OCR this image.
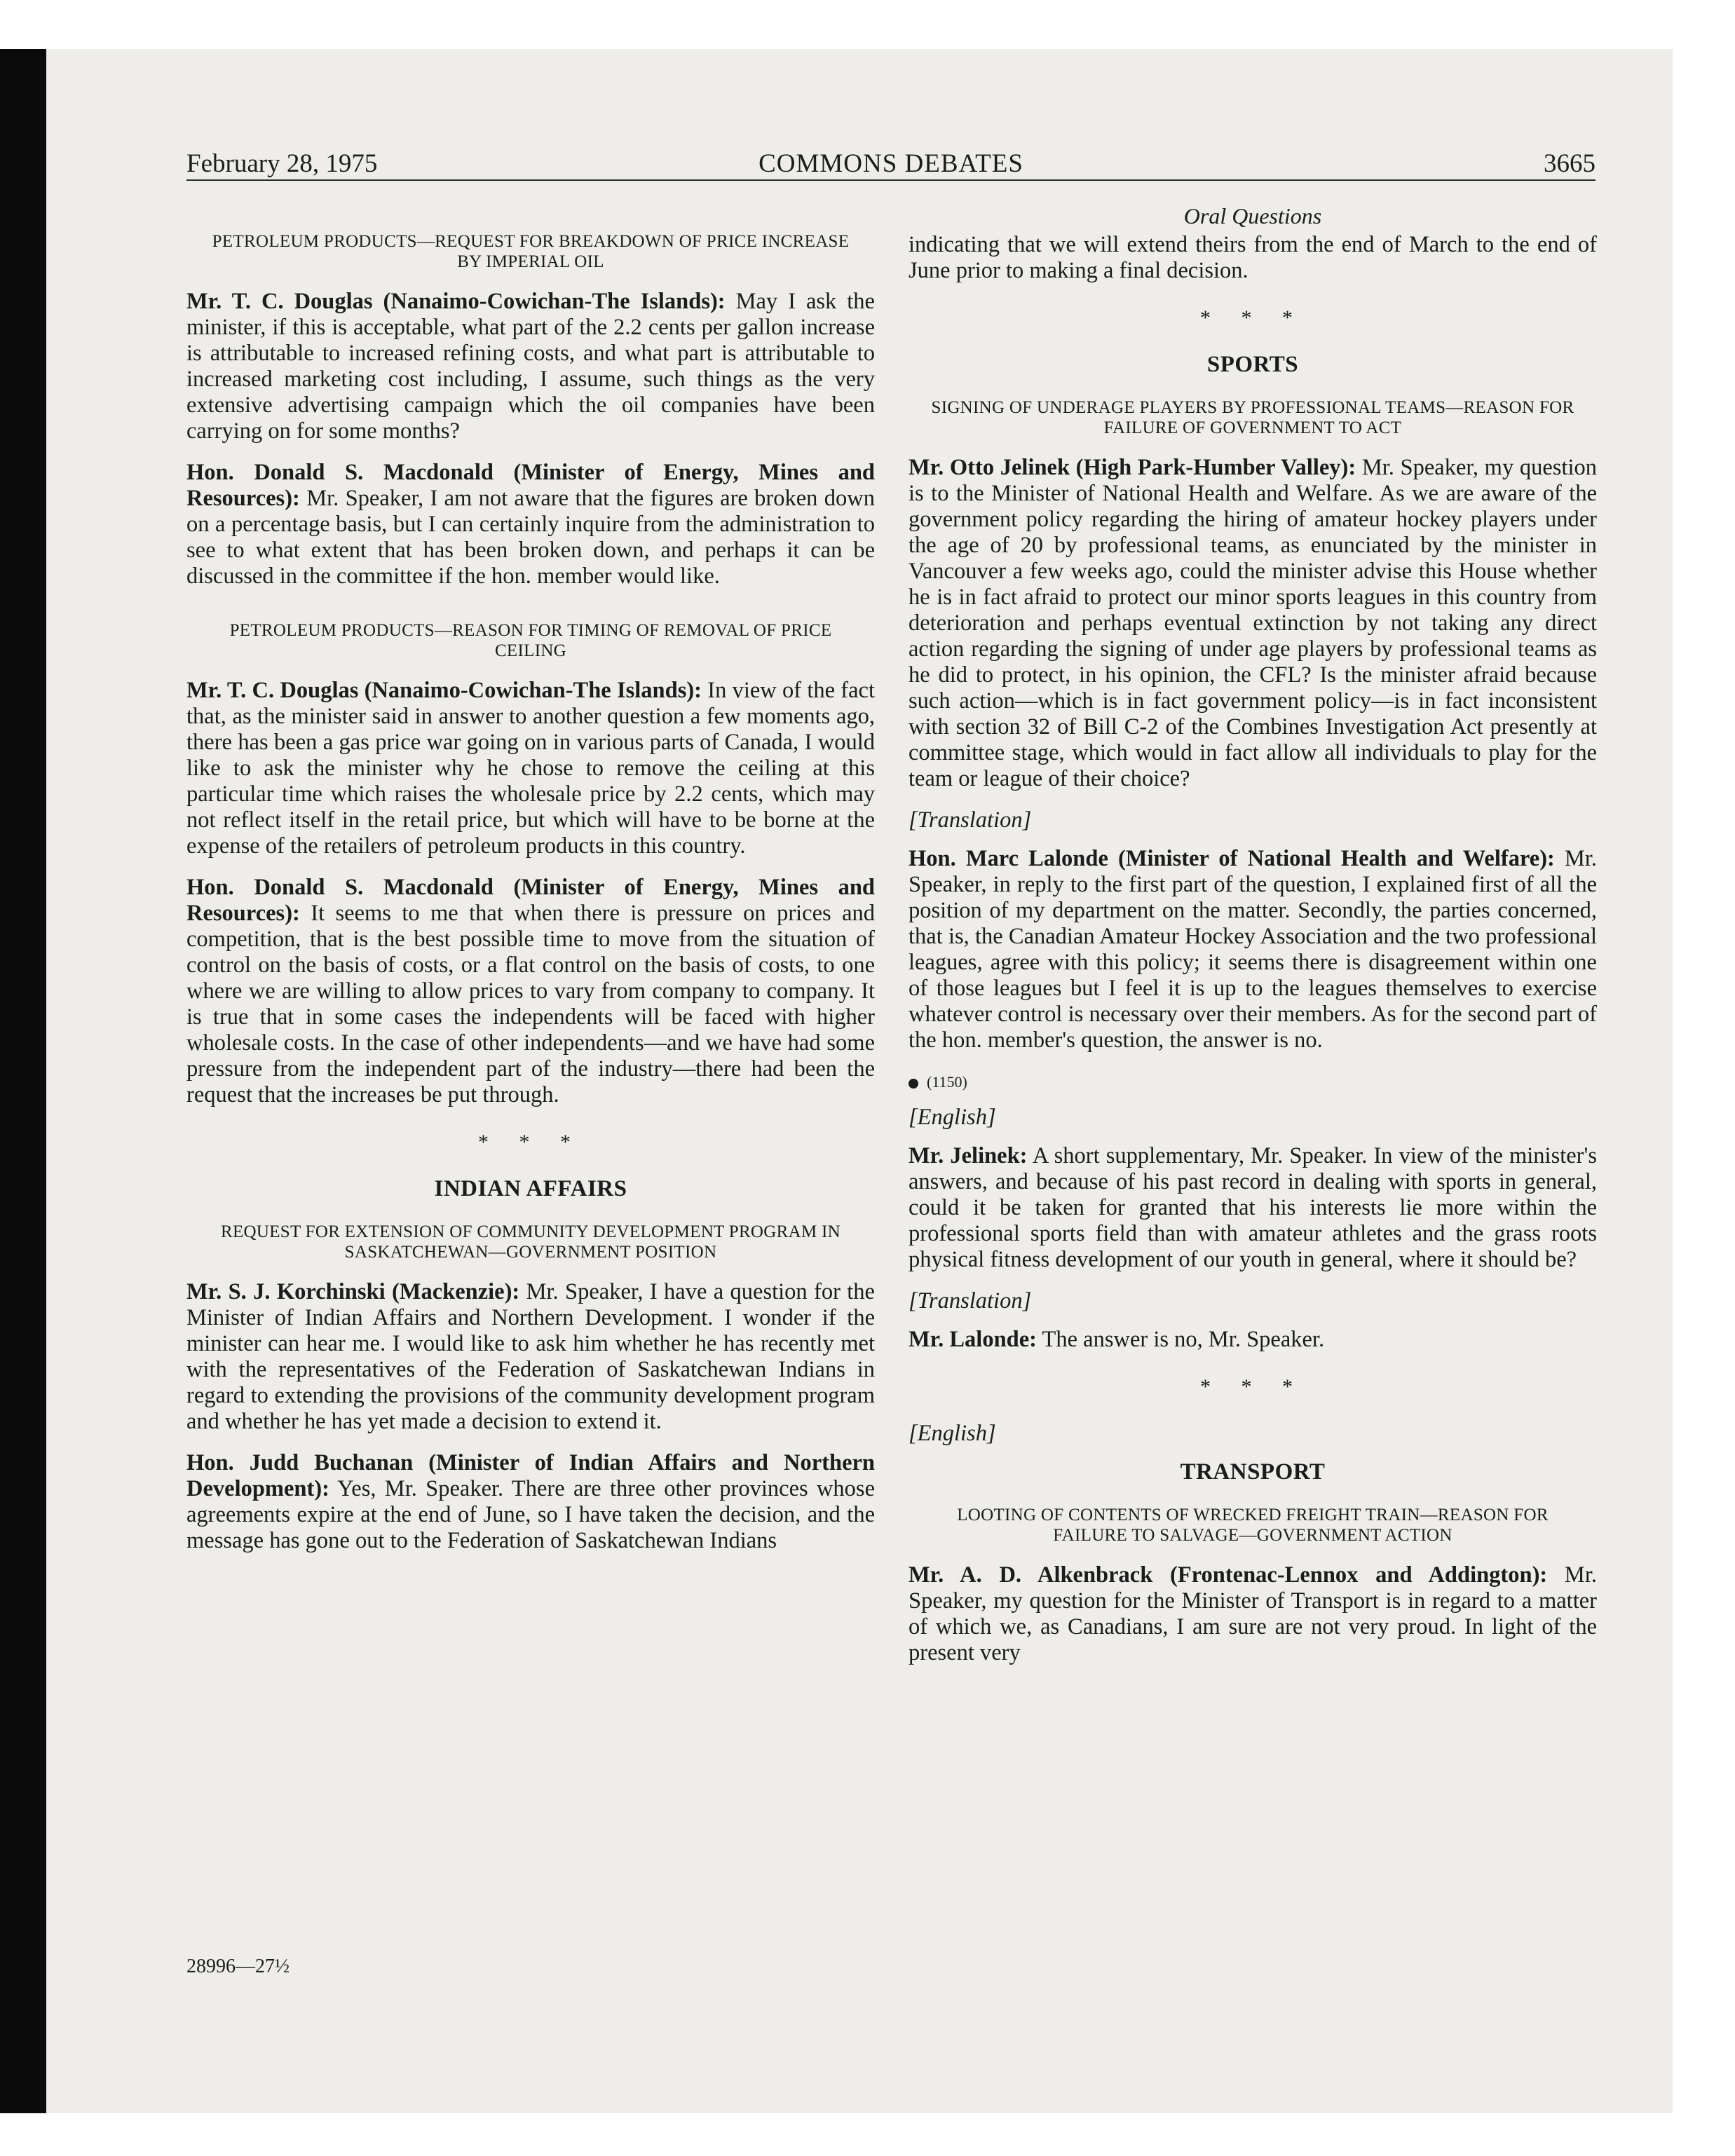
February 28, 1975	COMMONS DEBATES	3665
PETROLEUM PRODUCTS—REQUEST FOR BREAKDOWN OF PRICE INCREASE BY IMPERIAL OIL

Mr. T. C. Douglas (Nanaimo-Cowichan-The Islands): May I ask the minister, if this is acceptable, what part of the 2.2 cents per gallon increase is attributable to increased refining costs, and what part is attributable to increased marketing cost including, I assume, such things as the very extensive advertising campaign which the oil companies have been carrying on for some months?

Hon. Donald S. Macdonald (Minister of Energy, Mines and Resources): Mr. Speaker, I am not aware that the figures are broken down on a percentage basis, but I can certainly inquire from the administration to see to what extent that has been broken down, and perhaps it can be discussed in the committee if the hon. member would like.

PETROLEUM PRODUCTS—REASON FOR TIMING OF REMOVAL OF PRICE CEILING

Mr. T. C. Douglas (Nanaimo-Cowichan-The Islands): In view of the fact that, as the minister said in answer to another question a few moments ago, there has been a gas price war going on in various parts of Canada, I would like to ask the minister why he chose to remove the ceiling at this particular time which raises the wholesale price by 2.2 cents, which may not reflect itself in the retail price, but which will have to be borne at the expense of the retailers of petroleum products in this country.

Hon. Donald S. Macdonald (Minister of Energy, Mines and Resources): It seems to me that when there is pressure on prices and competition, that is the best possible time to move from the situation of control on the basis of costs, or a flat control on the basis of costs, to one where we are willing to allow prices to vary from company to company. It is true that in some cases the independents will be faced with higher wholesale costs. In the case of other independents—and we have had some pressure from the independent part of the industry—there had been the request that the increases be put through.

* * *
INDIAN AFFAIRS
REQUEST FOR EXTENSION OF COMMUNITY DEVELOPMENT PROGRAM IN SASKATCHEWAN—GOVERNMENT POSITION

Mr. S. J. Korchinski (Mackenzie): Mr. Speaker, I have a question for the Minister of Indian Affairs and Northern Development. I wonder if the minister can hear me. I would like to ask him whether he has recently met with the representatives of the Federation of Saskatchewan Indians in regard to extending the provisions of the community development program and whether he has yet made a decision to extend it.

Hon. Judd Buchanan (Minister of Indian Affairs and Northern Development): Yes, Mr. Speaker. There are three other provinces whose agreements expire at the end of June, so I have taken the decision, and the message has gone out to the Federation of Saskatchewan Indians

Oral Questions

indicating that we will extend theirs from the end of March to the end of June prior to making a final decision.

* * *
SPORTS
SIGNING OF UNDERAGE PLAYERS BY PROFESSIONAL TEAMS—REASON FOR FAILURE OF GOVERNMENT TO ACT

Mr. Otto Jelinek (High Park-Humber Valley): Mr. Speaker, my question is to the Minister of National Health and Welfare. As we are aware of the government policy regarding the hiring of amateur hockey players under the age of 20 by professional teams, as enunciated by the minister in Vancouver a few weeks ago, could the minister advise this House whether he is in fact afraid to protect our minor sports leagues in this country from deterioration and perhaps eventual extinction by not taking any direct action regarding the signing of under age players by professional teams as he did to protect, in his opinion, the CFL? Is the minister afraid because such action—which is in fact government policy—is in fact inconsistent with section 32 of Bill C-2 of the Combines Investigation Act presently at committee stage, which would in fact allow all individuals to play for the team or league of their choice?

[Translation]

Hon. Marc Lalonde (Minister of National Health and Welfare): Mr. Speaker, in reply to the first part of the question, I explained first of all the position of my department on the matter. Secondly, the parties concerned, that is, the Canadian Amateur Hockey Association and the two professional leagues, agree with this policy; it seems there is disagreement within one of those leagues but I feel it is up to the leagues themselves to exercise whatever control is necessary over their members. As for the second part of the hon. member's question, the answer is no.

(1150)
[English]

Mr. Jelinek: A short supplementary, Mr. Speaker. In view of the minister's answers, and because of his past record in dealing with sports in general, could it be taken for granted that his interests lie more within the professional sports field than with amateur athletes and the grass roots physical fitness development of our youth in general, where it should be?

[Translation]

Mr. Lalonde: The answer is no, Mr. Speaker.

* * *
[English]
TRANSPORT
LOOTING OF CONTENTS OF WRECKED FREIGHT TRAIN—REASON FOR FAILURE TO SALVAGE—GOVERNMENT ACTION

Mr. A. D. Alkenbrack (Frontenac-Lennox and Addington): Mr. Speaker, my question for the Minister of Transport is in regard to a matter of which we, as Canadians, I am sure are not very proud. In light of the present very

28996—27½
